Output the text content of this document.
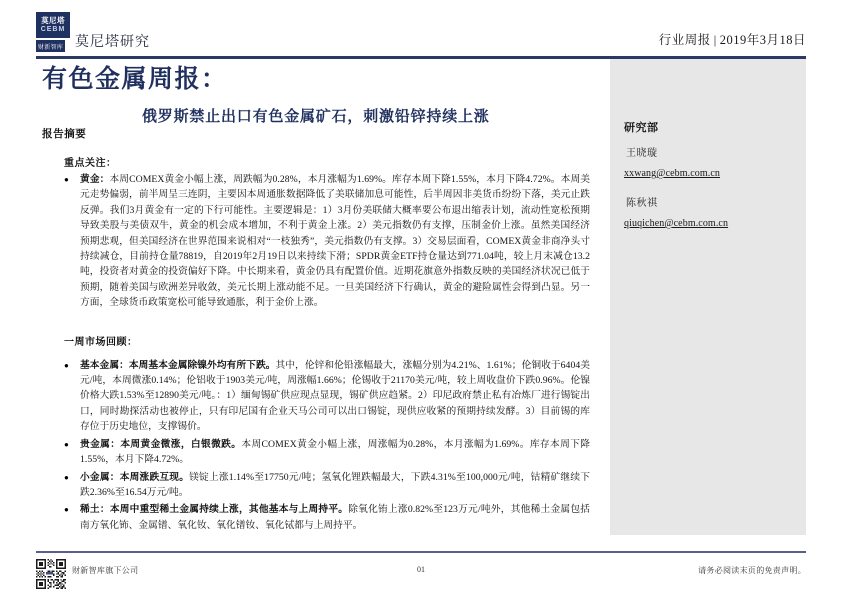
莫尼塔
CEBM
财新智库 莫尼塔研究	行业周报 | 2019年3月18日
有色金属周报：
俄罗斯禁止出口有色金属矿石，刺激铅锌持续上涨
研究部
王晓璇
xxwang@cebm.com.cn
陈秋祺
qiuqichen@cebm.com.cn
报告摘要
重点关注：
●	黄金：本周COMEX黄金小幅上涨，周跌幅为0.28%，本月涨幅为1.69%。库存本周下降1.55%，本月下降4.72%。本周美元走势偏弱，前半周呈三连阴，主要因本周通胀数据降低了美联储加息可能性，后半周因非美货币纷纷下落，美元止跌反弹。我们3月黄金有一定的下行可能性。主要逻辑是：1）3月份美联储大概率要公布退出缩表计划，流动性宽松预期导致美股与美债双牛，黄金的机会成本增加，不利于黄金上涨。2）美元指数仍有支撑，压制金价上涨。虽然美国经济预期悲观，但美国经济在世界范围来说相对“一枝独秀”，美元指数仍有支撑。3）交易层面看，COMEX黄金非商净头寸持续减仓，目前持仓量78819，自2019年2月19日以来持续下滑；SPDR黄金ETF持仓量达到771.04吨，较上月末减仓13.2吨，投资者对黄金的投资偏好下降。中长期来看，黄金仍具有配置价值。近期花旗意外指数反映的美国经济状况已低于预期，随着美国与欧洲差异收敛，美元长期上涨动能不足。一旦美国经济下行确认，黄金的避险属性会得到凸显。另一方面，全球货币政策宽松可能导致通胀，利于金价上涨。
一周市场回顾：
●	基本金属：本周基本金属除镍外均有所下跌。其中，伦锌和伦铅涨幅最大，涨幅分别为4.21%、1.61%；伦铜收于6404美元/吨，本周微涨0.14%；伦铝收于1903美元/吨，周涨幅1.66%；伦锡收于21170美元/吨，较上周收盘价下跌0.96%。伦镍价格大跌1.53%至12890美元/吨。：1）缅甸锡矿供应现点显现，锡矿供应趋紧。2）印尼政府禁止私有冶炼厂进行锡锭出口，同时勘探活动也被停止，只有印尼国有企业天马公司可以出口锡锭，现供应收紧的预期持续发酵。3）目前锡的库存位于历史地位，支撑锡价。
●	贵金属：本周黄金微涨，白银微跌。本周COMEX黄金小幅上涨，周涨幅为0.28%，本月涨幅为1.69%。库存本周下降1.55%，本月下降4.72%。
●	小金属：本周涨跌互现。镁锭上涨1.14%至17750元/吨；氢氧化锂跌幅最大，下跌4.31%至100,000元/吨，钴精矿继续下跌2.36%至16.54万元/吨。
●	稀土：本周中重型稀土金属持续上涨，其他基本与上周持平。除氧化铕上涨0.82%至123万元/吨外，其他稀土金属包括南方氧化钸、金属镨、氧化钕、氧化镨钕、氧化铽都与上周持平。
财新智库旗下公司	01	请务必阅读末页的免责声明。
